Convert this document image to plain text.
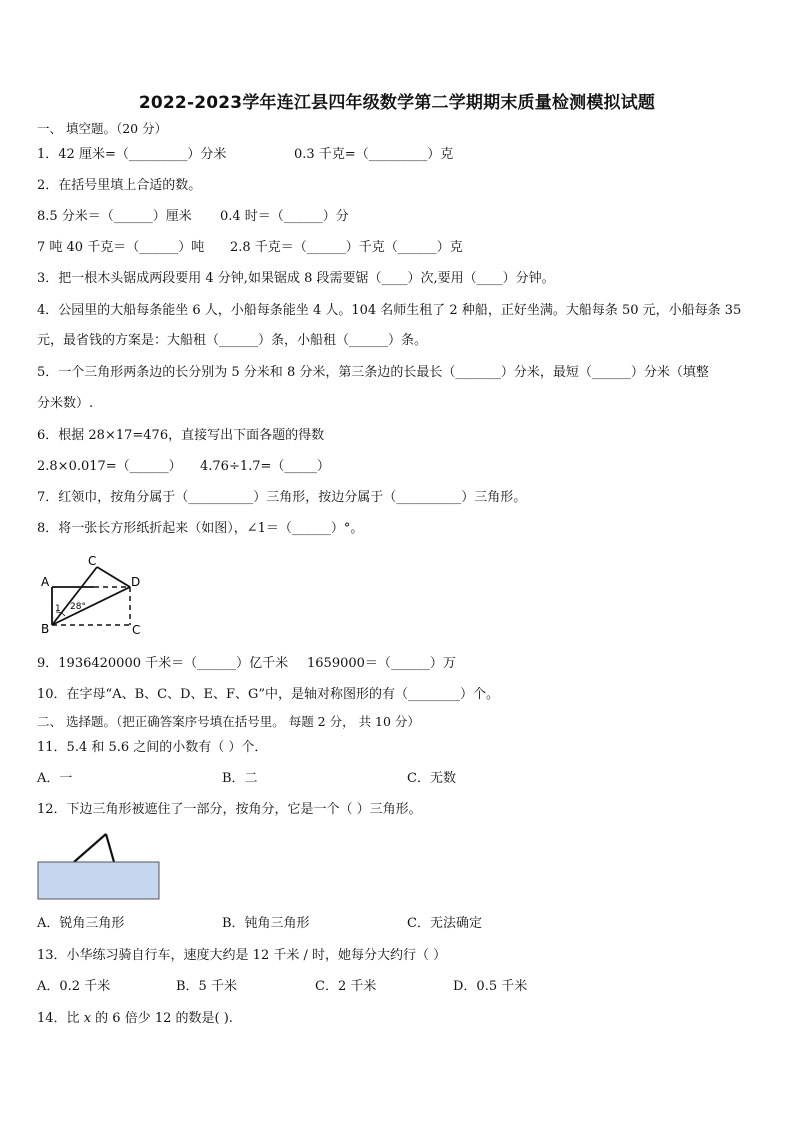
2022-2023学年连江县四年级数学第二学期期末质量检测模拟试题
一、 填空题。（20 分）
1．42 厘米=（_________）分米	0.3 千克=（_________）克
2．在括号里填上合适的数。
8.5 分米＝（______）厘米 0.4 时＝（______）分
7 吨 40 千克＝（______）吨 2.8 千克＝（______）千克（______）克
3．把一根木头锯成两段要用 4 分钟,如果锯成 8 段需要锯（____）次,要用（____）分钟。
4．公园里的大船每条能坐 6 人，小船每条能坐 4 人。104 名师生租了 2 种船，正好坐满。大船每条 50 元，小船每条 35
元，最省钱的方案是：大船租（______）条，小船租（______）条。
5．一个三角形两条边的长分别为 5 分米和 8 分米，第三条边的长最长（_______）分米，最短（______）分米（填整
分米数）.
6．根据 28×17=476，直接写出下面各题的得数
2.8×0.017=（______） 4.76÷1.7=（_____）
7．红领巾，按角分属于（__________）三角形，按边分属于（__________）三角形。
8．将一张长方形纸折起来（如图），∠1＝（______）°。
A
B
C
C
D
1 28°
9．1936420000 千米＝（______）亿千米 1659000＝（______）万
10．在字母“A、B、C、D、E、F、G”中，是轴对称图形的有（________）个。
二、 选择题。（把正确答案序号填在括号里。 每题 2 分， 共 10 分）
11．5.4 和 5.6 之间的小数有（ ）个．
A．一	B．二	C．无数
12．下边三角形被遮住了一部分，按角分，它是一个（ ）三角形。
A．锐角三角形	B．钝角三角形	C．无法确定
13．小华练习骑自行车，速度大约是 12 千米 / 时，她每分大约行（ ）
A．0.2 千米	B．5 千米	C．2 千米	D．0.5 千米
14．比 x 的 6 倍少 12 的数是( ).
